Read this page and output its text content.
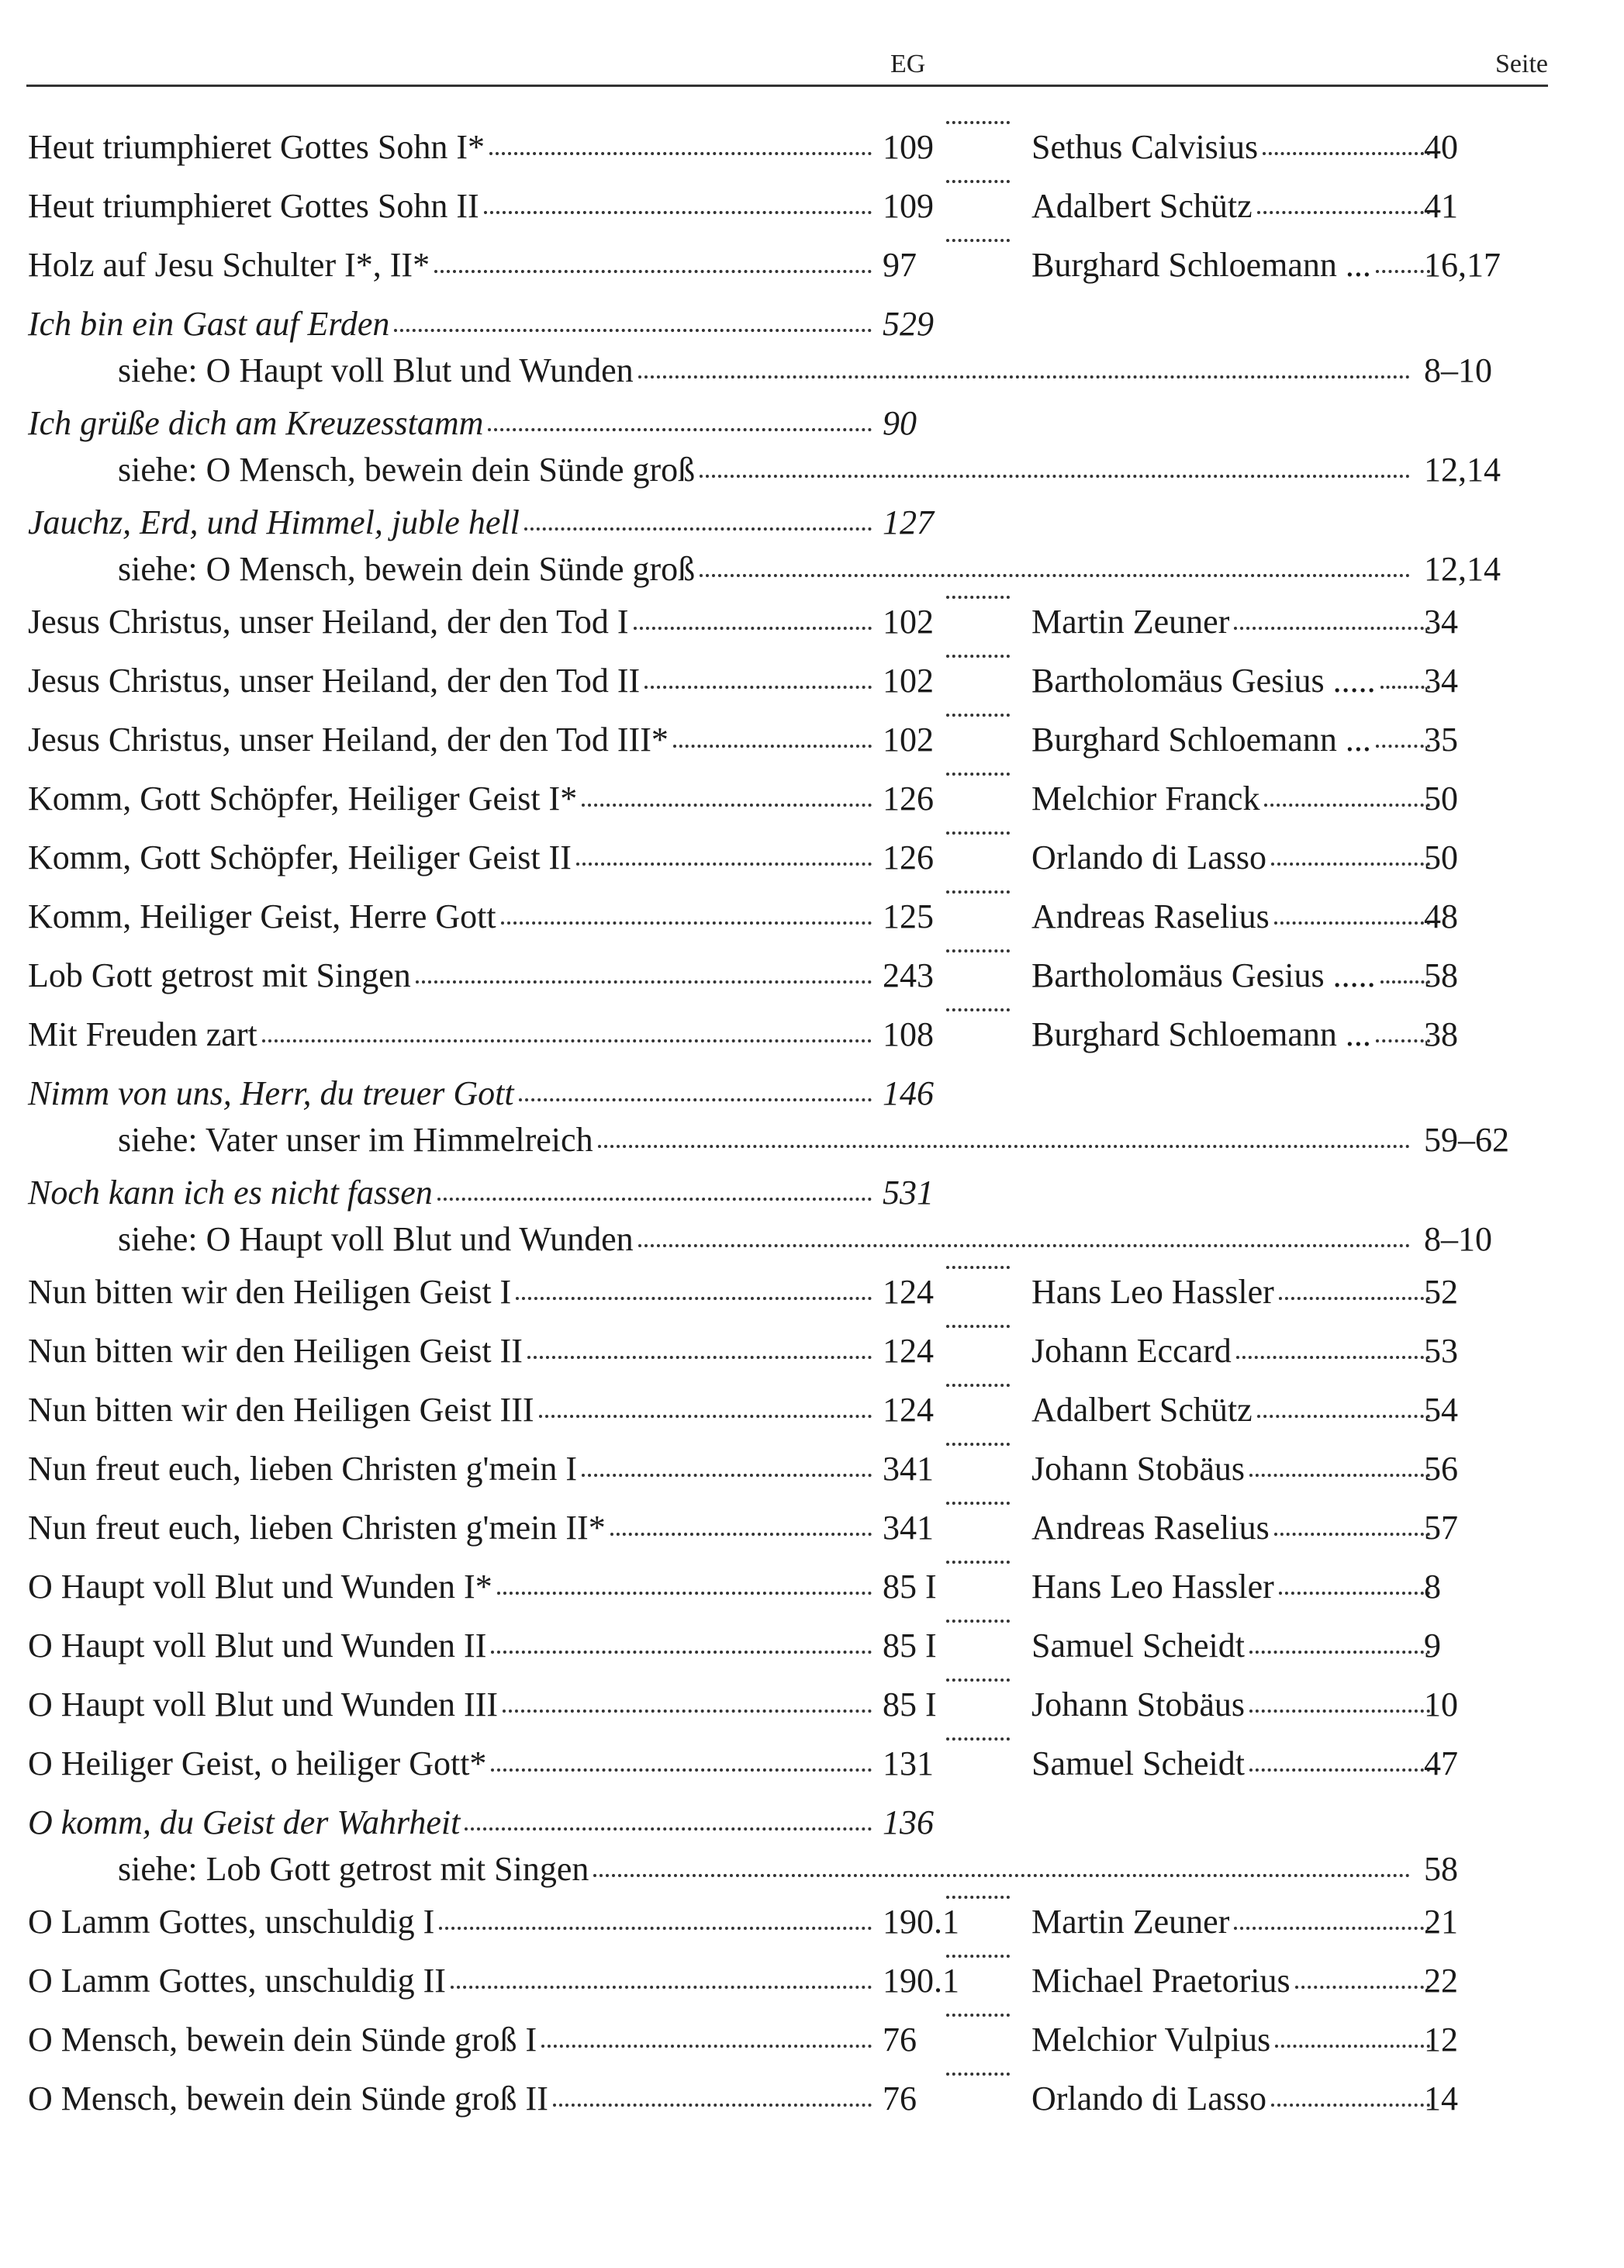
EG	Seite
Heut triumphieret Gottes Sohn I*	109	Sethus Calvisius	40
Heut triumphieret Gottes Sohn II	109	Adalbert Schütz	41
Holz auf Jesu Schulter I*, II*	97	Burghard Schloemann ... 16,17
Ich bin ein Gast auf Erden	529
siehe: O Haupt voll Blut und Wunden	8–10
Ich grüße dich am Kreuzesstamm	90
siehe: O Mensch, bewein dein Sünde groß	12,14
Jauchz, Erd, und Himmel, juble hell	127
siehe: O Mensch, bewein dein Sünde groß	12,14
Jesus Christus, unser Heiland, der den Tod I	102	Martin Zeuner	34
Jesus Christus, unser Heiland, der den Tod II	102	Bartholomäus Gesius ..... 34
Jesus Christus, unser Heiland, der den Tod III*	102	Burghard Schloemann ... 35
Komm, Gott Schöpfer, Heiliger Geist I*	126	Melchior Franck	50
Komm, Gott Schöpfer, Heiliger Geist II	126	Orlando di Lasso	50
Komm, Heiliger Geist, Herre Gott	125	Andreas Raselius	48
Lob Gott getrost mit Singen	243	Bartholomäus Gesius ..... 58
Mit Freuden zart	108	Burghard Schloemann ... 38
Nimm von uns, Herr, du treuer Gott	146
siehe: Vater unser im Himmelreich	59–62
Noch kann ich es nicht fassen	531
siehe: O Haupt voll Blut und Wunden	8–10
Nun bitten wir den Heiligen Geist I	124	Hans Leo Hassler	52
Nun bitten wir den Heiligen Geist II	124	Johann Eccard	53
Nun bitten wir den Heiligen Geist III	124	Adalbert Schütz	54
Nun freut euch, lieben Christen g'mein I	341	Johann Stobäus	56
Nun freut euch, lieben Christen g'mein II*	341	Andreas Raselius	57
O Haupt voll Blut und Wunden I*	85 I	Hans Leo Hassler	8
O Haupt voll Blut und Wunden II	85 I	Samuel Scheidt	9
O Haupt voll Blut und Wunden III	85 I	Johann Stobäus	10
O Heiliger Geist, o heiliger Gott*	131	Samuel Scheidt	47
O komm, du Geist der Wahrheit	136
siehe: Lob Gott getrost mit Singen	58
O Lamm Gottes, unschuldig I	190.1 Martin Zeuner	21
O Lamm Gottes, unschuldig II	190.1 Michael Praetorius	22
O Mensch, bewein dein Sünde groß I	76	Melchior Vulpius	12
O Mensch, bewein dein Sünde groß II	76	Orlando di Lasso	14
